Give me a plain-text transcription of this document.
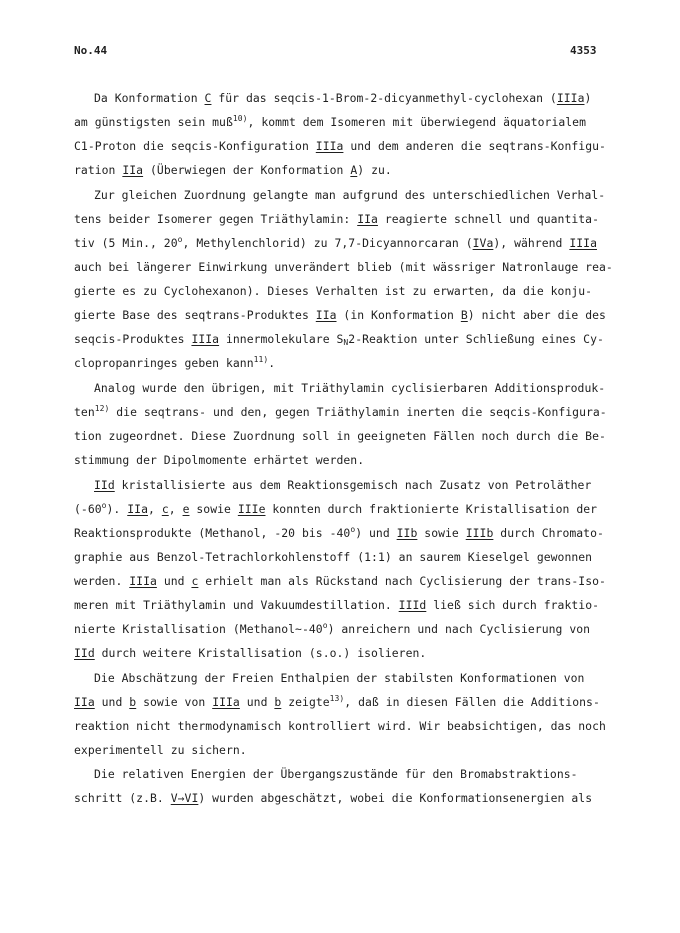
No.44	4353
Da Konformation C für das seqcis-1-Brom-2-dicyanmethyl-cyclohexan (IIIa)
am günstigsten sein muß$^{10)}$, kommt dem Isomeren mit überwiegend äquatorialem
C1-Proton die seqcis-Konfiguration IIIa und dem anderen die seqtrans-Konfigu-
ration IIa (Überwiegen der Konformation A) zu.
Zur gleichen Zuordnung gelangte man aufgrund des unterschiedlichen Verhal-
tens beider Isomerer gegen Triäthylamin: IIa reagierte schnell und quantita-
tiv (5 Min., 20$^o$, Methylenchlorid) zu 7,7-Dicyannorcaran (IVa), während IIIa
auch bei längerer Einwirkung unverändert blieb (mit wässriger Natronlauge rea-
gierte es zu Cyclohexanon). Dieses Verhalten ist zu erwarten, da die konju-
gierte Base des seqtrans-Produktes IIa (in Konformation B) nicht aber die des
seqcis-Produktes IIIa innermolekulare $S_N2$-Reaktion unter Schließung eines Cy-
clopropanringes geben kann$^{11)}$.
Analog wurde den übrigen, mit Triäthylamin cyclisierbaren Additionsproduk-
ten$^{12)}$ die seqtrans- und den, gegen Triäthylamin inerten die seqcis-Konfigura-
tion zugeordnet. Diese Zuordnung soll in geeigneten Fällen noch durch die Be-
stimmung der Dipolmomente erhärtet werden.
IId kristallisierte aus dem Reaktionsgemisch nach Zusatz von Petroläther
(-60$^o$). IIa, c, e sowie IIIe konnten durch fraktionierte Kristallisation der
Reaktionsprodukte (Methanol, -20 bis -40$^o$) und IIb sowie IIIb durch Chromato-
graphie aus Benzol-Tetrachlorkohlenstoff (1:1) an saurem Kieselgel gewonnen
werden. IIIa und c erhielt man als Rückstand nach Cyclisierung der trans-Iso-
meren mit Triäthylamin und Vakuumdestillation. IIId ließ sich durch fraktio-
nierte Kristallisation (Methanol~-40$^o$) anreichern und nach Cyclisierung von
IId durch weitere Kristallisation (s.o.) isolieren.
Die Abschätzung der Freien Enthalpien der stabilsten Konformationen von
IIa und b sowie von IIIa und b zeigte$^{13)}$, daß in diesen Fällen die Additions-
reaktion nicht thermodynamisch kontrolliert wird. Wir beabsichtigen, das noch
experimentell zu sichern.
Die relativen Energien der Übergangszustände für den Bromabstraktions-
schritt (z.B. V→VI) wurden abgeschätzt, wobei die Konformationsenergien als
